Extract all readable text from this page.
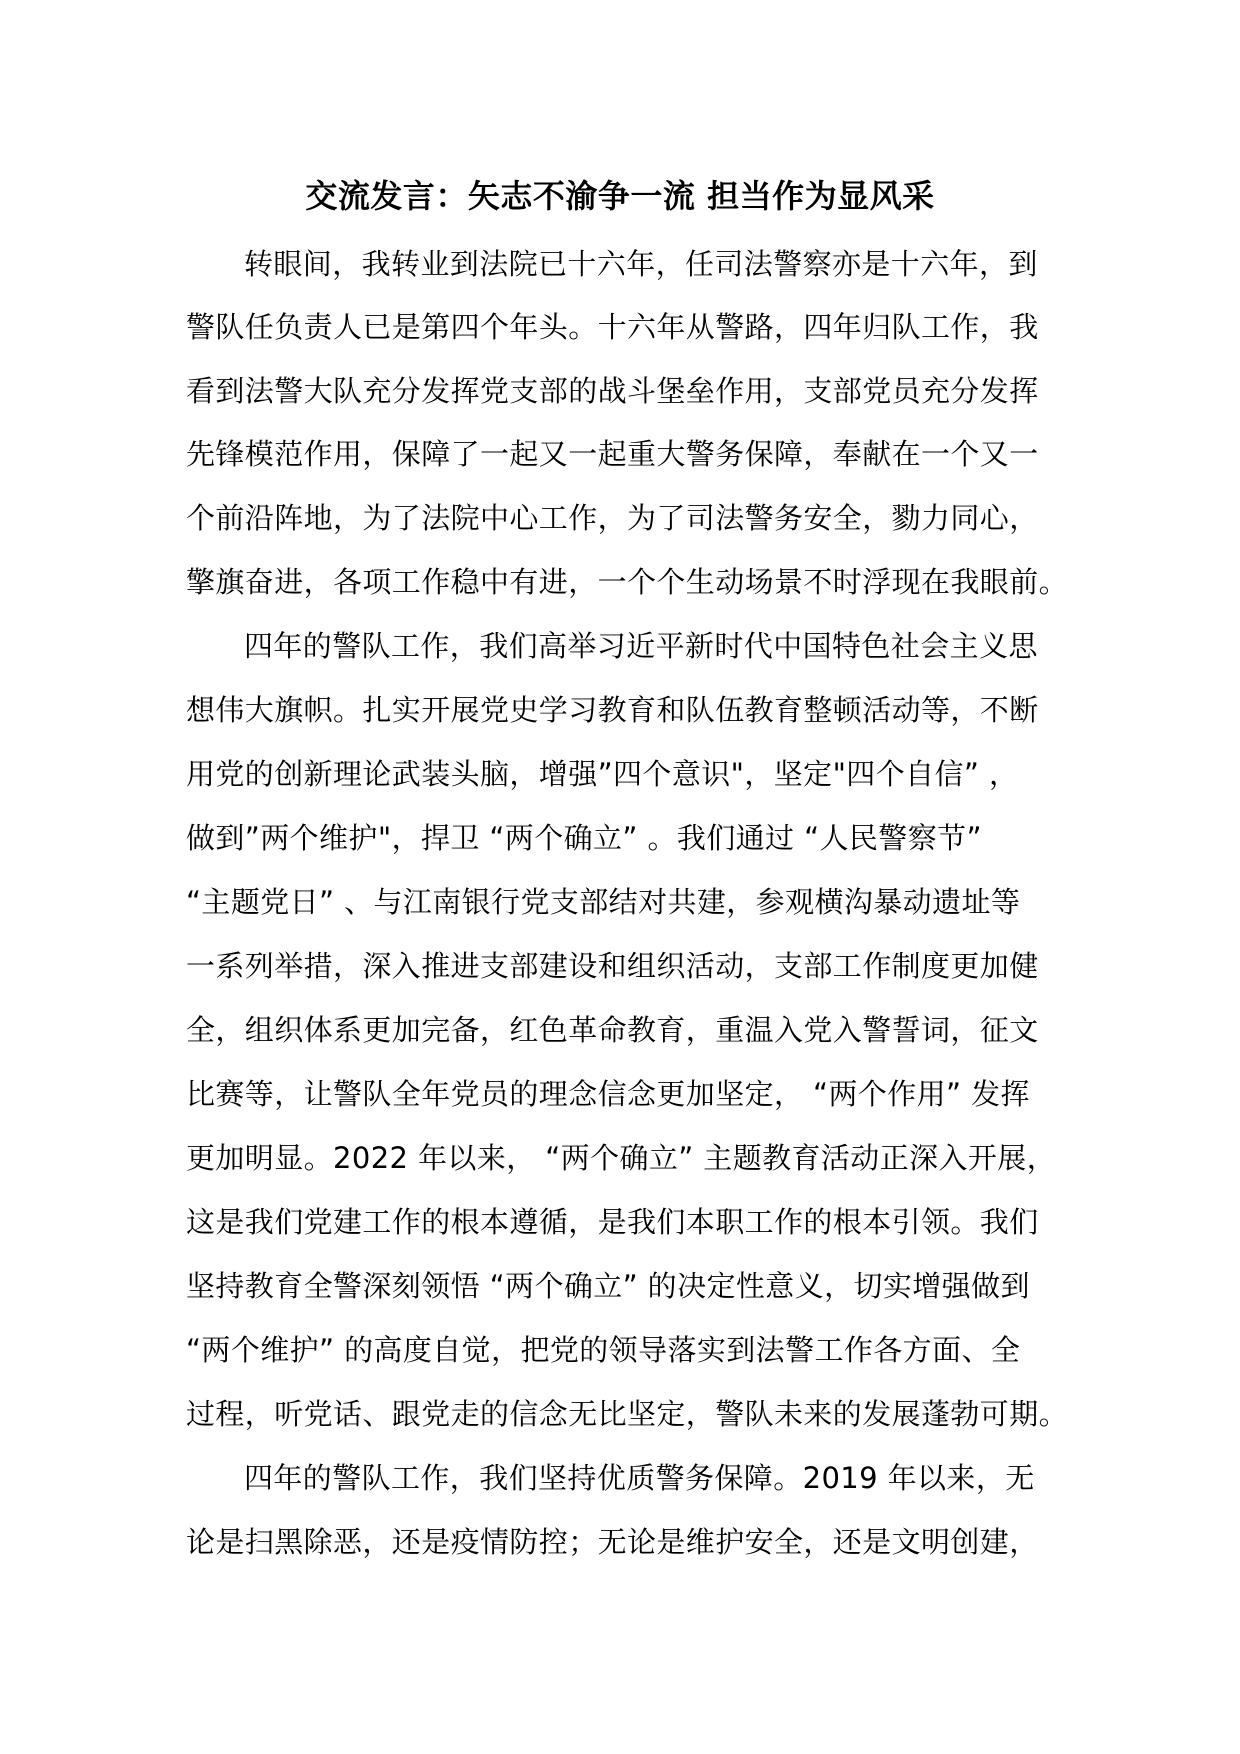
交流发言：矢志不渝争一流 担当作为显风采
转眼间，我转业到法院已十六年，任司法警察亦是十六年，到
警队任负责人已是第四个年头。十六年从警路，四年归队工作，我
看到法警大队充分发挥党支部的战斗堡垒作用，支部党员充分发挥
先锋模范作用，保障了一起又一起重大警务保障，奉献在一个又一
个前沿阵地，为了法院中心工作，为了司法警务安全，勠力同心，
擎旗奋进，各项工作稳中有进，一个个生动场景不时浮现在我眼前。
四年的警队工作，我们高举习近平新时代中国特色社会主义思
想伟大旗帜。扎实开展党史学习教育和队伍教育整顿活动等，不断
用党的创新理论武装头脑，增强”四个意识"，坚定"四个自信” ，
做到”两个维护"，捍卫 “两个确立” 。我们通过 “人民警察节”
“主题党日” 、与江南银行党支部结对共建，参观横沟暴动遗址等
一系列举措，深入推进支部建设和组织活动，支部工作制度更加健
全，组织体系更加完备，红色革命教育，重温入党入警誓词，征文
比赛等，让警队全年党员的理念信念更加坚定， “两个作用” 发挥
更加明显。2022 年以来， “两个确立” 主题教育活动正深入开展，
这是我们党建工作的根本遵循，是我们本职工作的根本引领。我们
坚持教育全警深刻领悟 “两个确立” 的决定性意义，切实增强做到
“两个维护” 的高度自觉，把党的领导落实到法警工作各方面、全
过程，听党话、跟党走的信念无比坚定，警队未来的发展蓬勃可期。
四年的警队工作，我们坚持优质警务保障。2019 年以来，无
论是扫黑除恶，还是疫情防控；无论是维护安全，还是文明创建，
